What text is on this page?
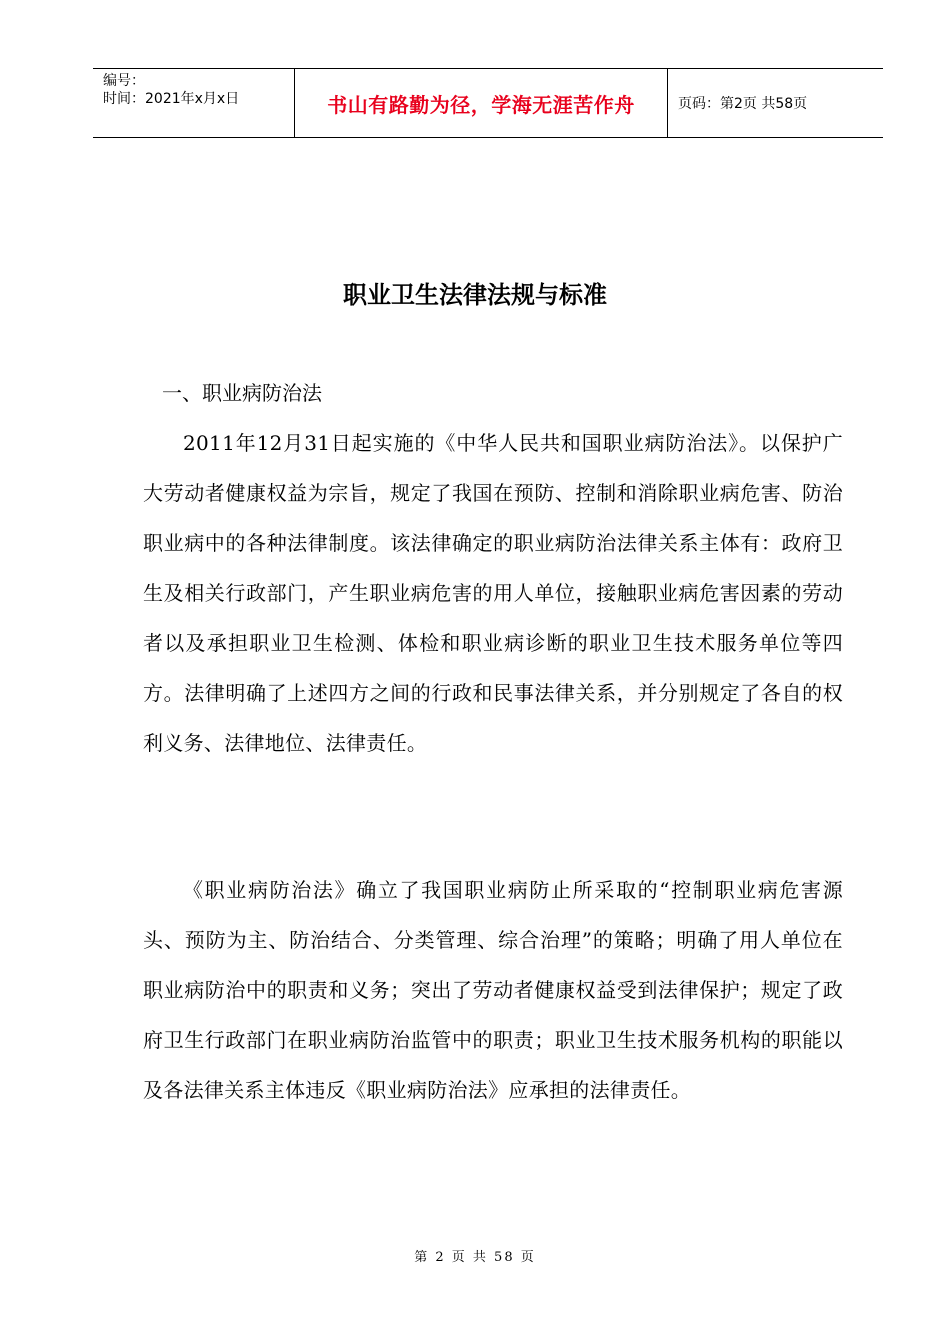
编号：
时间：2021年x月x日	书山有路勤为径，学海无涯苦作舟	页码：第2页 共58页
职业卫生法律法规与标准
一、职业病防治法

2011年12月31日起实施的《中华人民共和国职业病防治法》。以保护广大劳动者健康权益为宗旨，规定了我国在预防、控制和消除职业病危害、防治职业病中的各种法律制度。该法律确定的职业病防治法律关系主体有：政府卫生及相关行政部门，产生职业病危害的用人单位，接触职业病危害因素的劳动者以及承担职业卫生检测、体检和职业病诊断的职业卫生技术服务单位等四方。法律明确了上述四方之间的行政和民事法律关系，并分别规定了各自的权利义务、法律地位、法律责任。

《职业病防治法》确立了我国职业病防止所采取的“控制职业病危害源头、预防为主、防治结合、分类管理、综合治理”的策略；明确了用人单位在职业病防治中的职责和义务；突出了劳动者健康权益受到法律保护；规定了政府卫生行政部门在职业病防治监管中的职责；职业卫生技术服务机构的职能以及各法律关系主体违反《职业病防治法》应承担的法律责任。

第 2 页 共 58 页
